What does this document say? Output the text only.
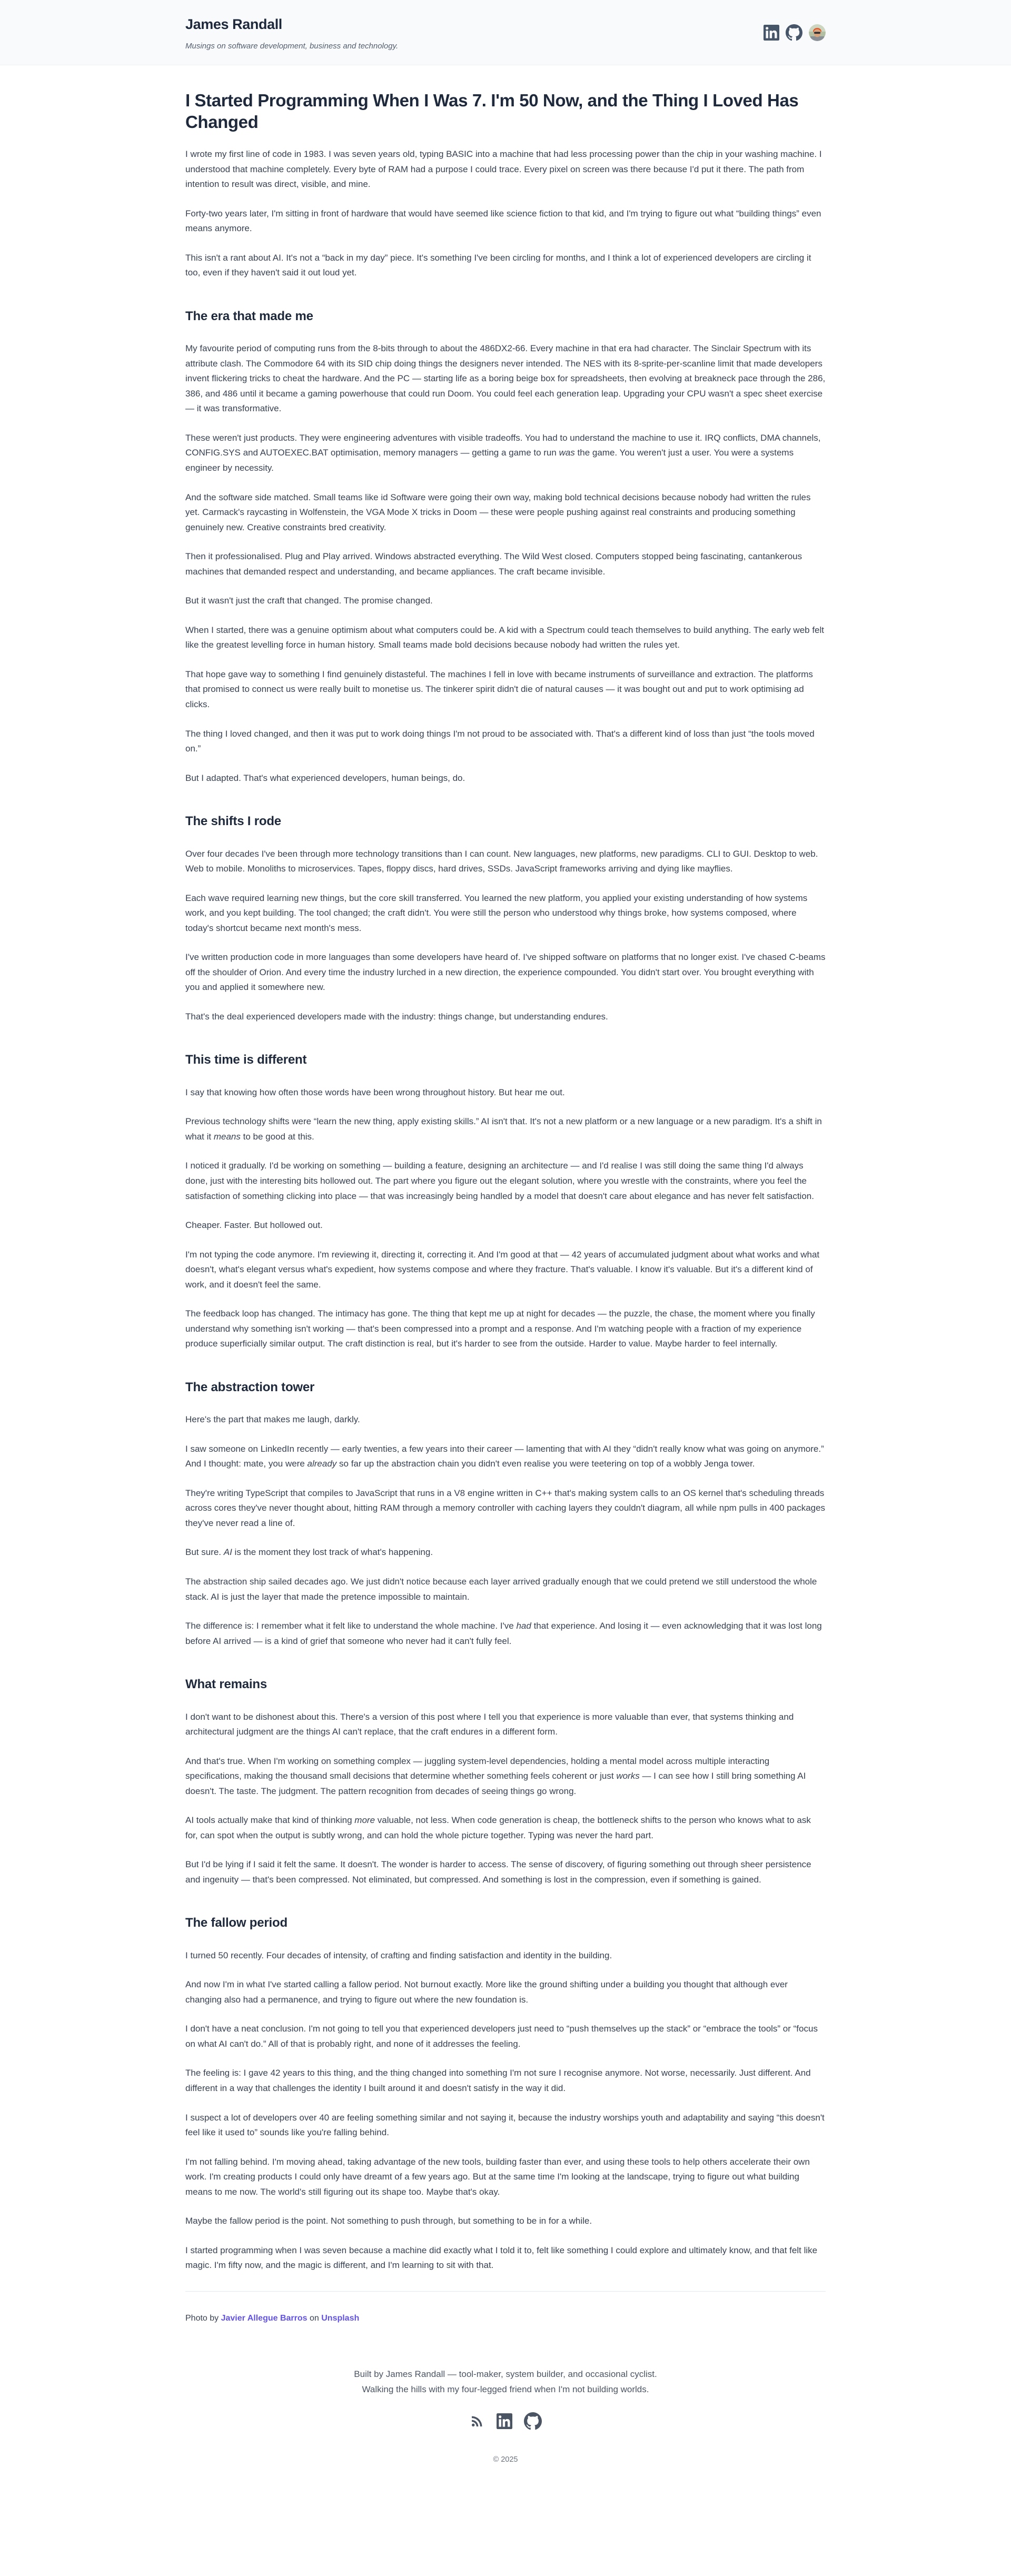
James Randall

Musings on software development, business and technology.

I Started Programming When I Was 7. I'm 50 Now, and the Thing I Loved Has Changed

I wrote my first line of code in 1983. I was seven years old, typing BASIC into a machine that had less processing power than the chip in your washing machine. I understood that machine completely. Every byte of RAM had a purpose I could trace. Every pixel on screen was there because I'd put it there. The path from intention to result was direct, visible, and mine.

Forty-two years later, I'm sitting in front of hardware that would have seemed like science fiction to that kid, and I'm trying to figure out what “building things” even means anymore.

This isn't a rant about AI. It's not a “back in my day” piece. It's something I've been circling for months, and I think a lot of experienced developers are circling it too, even if they haven't said it out loud yet.

The era that made me

My favourite period of computing runs from the 8-bits through to about the 486DX2-66. Every machine in that era had character. The Sinclair Spectrum with its attribute clash. The Commodore 64 with its SID chip doing things the designers never intended. The NES with its 8-sprite-per-scanline limit that made developers invent flickering tricks to cheat the hardware. And the PC — starting life as a boring beige box for spreadsheets, then evolving at breakneck pace through the 286, 386, and 486 until it became a gaming powerhouse that could run Doom. You could feel each generation leap. Upgrading your CPU wasn't a spec sheet exercise — it was transformative.

These weren't just products. They were engineering adventures with visible tradeoffs. You had to understand the machine to use it. IRQ conflicts, DMA channels, CONFIG.SYS and AUTOEXEC.BAT optimisation, memory managers — getting a game to run was the game. You weren't just a user. You were a systems engineer by necessity.

And the software side matched. Small teams like id Software were going their own way, making bold technical decisions because nobody had written the rules yet. Carmack's raycasting in Wolfenstein, the VGA Mode X tricks in Doom — these were people pushing against real constraints and producing something genuinely new. Creative constraints bred creativity.

Then it professionalised. Plug and Play arrived. Windows abstracted everything. The Wild West closed. Computers stopped being fascinating, cantankerous machines that demanded respect and understanding, and became appliances. The craft became invisible.

But it wasn't just the craft that changed. The promise changed.

When I started, there was a genuine optimism about what computers could be. A kid with a Spectrum could teach themselves to build anything. The early web felt like the greatest levelling force in human history. Small teams made bold decisions because nobody had written the rules yet.

That hope gave way to something I find genuinely distasteful. The machines I fell in love with became instruments of surveillance and extraction. The platforms that promised to connect us were really built to monetise us. The tinkerer spirit didn't die of natural causes — it was bought out and put to work optimising ad clicks.

The thing I loved changed, and then it was put to work doing things I'm not proud to be associated with. That's a different kind of loss than just “the tools moved on.”

But I adapted. That's what experienced developers, human beings, do.

The shifts I rode

Over four decades I've been through more technology transitions than I can count. New languages, new platforms, new paradigms. CLI to GUI. Desktop to web. Web to mobile. Monoliths to microservices. Tapes, floppy discs, hard drives, SSDs. JavaScript frameworks arriving and dying like mayflies.

Each wave required learning new things, but the core skill transferred. You learned the new platform, you applied your existing understanding of how systems work, and you kept building. The tool changed; the craft didn't. You were still the person who understood why things broke, how systems composed, where today's shortcut became next month's mess.

I've written production code in more languages than some developers have heard of. I've shipped software on platforms that no longer exist. I've chased C-beams off the shoulder of Orion. And every time the industry lurched in a new direction, the experience compounded. You didn't start over. You brought everything with you and applied it somewhere new.

That's the deal experienced developers made with the industry: things change, but understanding endures.

This time is different

I say that knowing how often those words have been wrong throughout history. But hear me out.

Previous technology shifts were “learn the new thing, apply existing skills.” AI isn't that. It's not a new platform or a new language or a new paradigm. It's a shift in what it means to be good at this.

I noticed it gradually. I'd be working on something — building a feature, designing an architecture — and I'd realise I was still doing the same thing I'd always done, just with the interesting bits hollowed out. The part where you figure out the elegant solution, where you wrestle with the constraints, where you feel the satisfaction of something clicking into place — that was increasingly being handled by a model that doesn't care about elegance and has never felt satisfaction.

Cheaper. Faster. But hollowed out.

I'm not typing the code anymore. I'm reviewing it, directing it, correcting it. And I'm good at that — 42 years of accumulated judgment about what works and what doesn't, what's elegant versus what's expedient, how systems compose and where they fracture. That's valuable. I know it's valuable. But it's a different kind of work, and it doesn't feel the same.

The feedback loop has changed. The intimacy has gone. The thing that kept me up at night for decades — the puzzle, the chase, the moment where you finally understand why something isn't working — that's been compressed into a prompt and a response. And I'm watching people with a fraction of my experience produce superficially similar output. The craft distinction is real, but it's harder to see from the outside. Harder to value. Maybe harder to feel internally.

The abstraction tower

Here's the part that makes me laugh, darkly.

I saw someone on LinkedIn recently — early twenties, a few years into their career — lamenting that with AI they “didn't really know what was going on anymore.” And I thought: mate, you were already so far up the abstraction chain you didn't even realise you were teetering on top of a wobbly Jenga tower.

They're writing TypeScript that compiles to JavaScript that runs in a V8 engine written in C++ that's making system calls to an OS kernel that's scheduling threads across cores they've never thought about, hitting RAM through a memory controller with caching layers they couldn't diagram, all while npm pulls in 400 packages they've never read a line of.

But sure. AI is the moment they lost track of what's happening.

The abstraction ship sailed decades ago. We just didn't notice because each layer arrived gradually enough that we could pretend we still understood the whole stack. AI is just the layer that made the pretence impossible to maintain.

The difference is: I remember what it felt like to understand the whole machine. I've had that experience. And losing it — even acknowledging that it was lost long before AI arrived — is a kind of grief that someone who never had it can't fully feel.

What remains

I don't want to be dishonest about this. There's a version of this post where I tell you that experience is more valuable than ever, that systems thinking and architectural judgment are the things AI can't replace, that the craft endures in a different form.

And that's true. When I'm working on something complex — juggling system-level dependencies, holding a mental model across multiple interacting specifications, making the thousand small decisions that determine whether something feels coherent or just works — I can see how I still bring something AI doesn't. The taste. The judgment. The pattern recognition from decades of seeing things go wrong.

AI tools actually make that kind of thinking more valuable, not less. When code generation is cheap, the bottleneck shifts to the person who knows what to ask for, can spot when the output is subtly wrong, and can hold the whole picture together. Typing was never the hard part.

But I'd be lying if I said it felt the same. It doesn't. The wonder is harder to access. The sense of discovery, of figuring something out through sheer persistence and ingenuity — that's been compressed. Not eliminated, but compressed. And something is lost in the compression, even if something is gained.

The fallow period

I turned 50 recently. Four decades of intensity, of crafting and finding satisfaction and identity in the building.

And now I'm in what I've started calling a fallow period. Not burnout exactly. More like the ground shifting under a building you thought that although ever changing also had a permanence, and trying to figure out where the new foundation is.

I don't have a neat conclusion. I'm not going to tell you that experienced developers just need to “push themselves up the stack” or “embrace the tools” or “focus on what AI can't do.” All of that is probably right, and none of it addresses the feeling.

The feeling is: I gave 42 years to this thing, and the thing changed into something I'm not sure I recognise anymore. Not worse, necessarily. Just different. And different in a way that challenges the identity I built around it and doesn't satisfy in the way it did.

I suspect a lot of developers over 40 are feeling something similar and not saying it, because the industry worships youth and adaptability and saying “this doesn't feel like it used to” sounds like you're falling behind.

I'm not falling behind. I'm moving ahead, taking advantage of the new tools, building faster than ever, and using these tools to help others accelerate their own work. I'm creating products I could only have dreamt of a few years ago. But at the same time I'm looking at the landscape, trying to figure out what building means to me now. The world's still figuring out its shape too. Maybe that's okay.

Maybe the fallow period is the point. Not something to push through, but something to be in for a while.

I started programming when I was seven because a machine did exactly what I told it to, felt like something I could explore and ultimately know, and that felt like magic. I'm fifty now, and the magic is different, and I'm learning to sit with that.

Photo by Javier Allegue Barros on Unsplash

Built by James Randall — tool-maker, system builder, and occasional cyclist.

Walking the hills with my four-legged friend when I'm not building worlds.

© 2025
